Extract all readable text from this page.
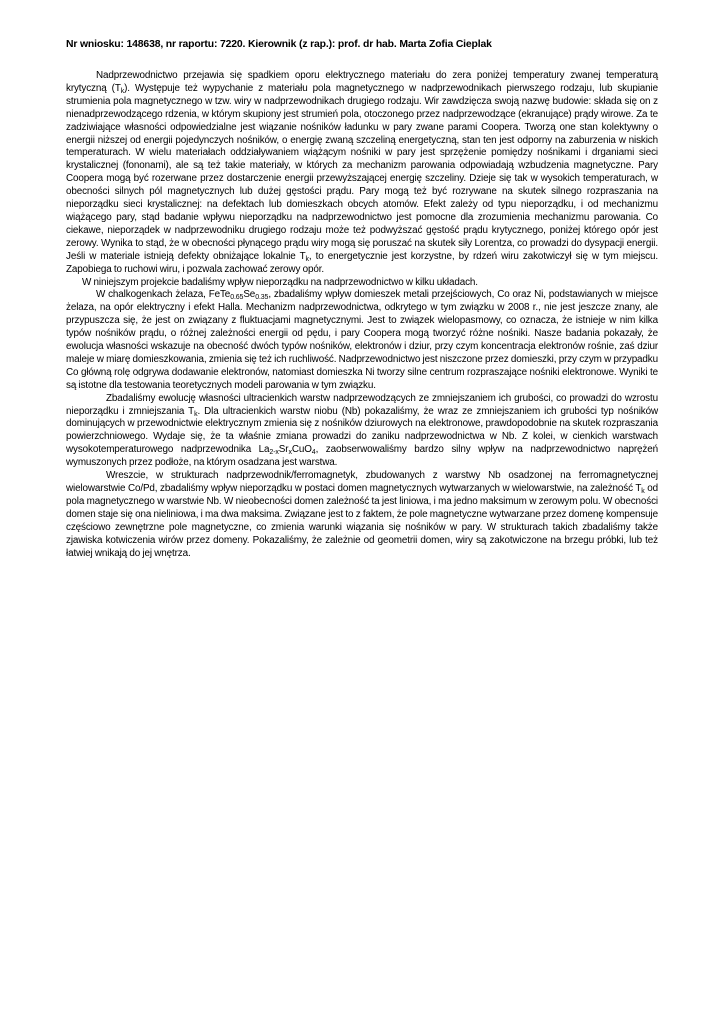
Nr wniosku: 148638, nr raportu: 7220. Kierownik (z rap.): prof. dr hab. Marta Zofia Cieplak

Nadprzewodnictwo przejawia się spadkiem oporu elektrycznego materiału do zera poniżej temperatury zwanej temperaturą krytyczną $(T_k)$. Występuje też wypychanie z materiału pola magnetycznego w nadprzewodnikach pierwszego rodzaju, lub skupianie strumienia pola magnetycznego w tzw. wiry w nadprzewodnikach drugiego rodzaju. Wir zawdzięcza swoją nazwę budowie: składa się on z nienadprzewodzącego rdzenia, w którym skupiony jest strumień pola, otoczonego przez nadprzewodzące (ekranujące) prądy wirowe. Za te zadziwiające własności odpowiedzialne jest wiązanie nośników ładunku w pary zwane parami Coopera. Tworzą one stan kolektywny o energii niższej od energii pojedynczych nośników, o energię zwaną szczeliną energetyczną, stan ten jest odporny na zaburzenia w niskich temperaturach. W wielu materiałach oddziaływaniem wiążącym nośniki w pary jest sprzężenie pomiędzy nośnikami i drganiami sieci krystalicznej (fononami), ale są też takie materiały, w których za mechanizm parowania odpowiadają wzbudzenia magnetyczne. Pary Coopera mogą być rozerwane przez dostarczenie energii przewyższającej energię szczeliny. Dzieje się tak w wysokich temperaturach, w obecności silnych pól magnetycznych lub dużej gęstości prądu. Pary mogą też być rozrywane na skutek silnego rozpraszania na nieporządku sieci krystalicznej: na defektach lub domieszkach obcych atomów. Efekt zależy od typu nieporządku, i od mechanizmu wiążącego pary, stąd badanie wpływu nieporządku na nadprzewodnictwo jest pomocne dla zrozumienia mechanizmu parowania. Co ciekawe, nieporządek w nadprzewodniku drugiego rodzaju może też podwyższać gęstość prądu krytycznego, poniżej którego opór jest zerowy. Wynika to stąd, że w obecności płynącego prądu wiry mogą się poruszać na skutek siły Lorentza, co prowadzi do dysypacji energii. Jeśli w materiale istnieją defekty obniżające lokalnie $T_k$, to energetycznie jest korzystne, by rdzeń wiru zakotwiczył się w tym miejscu. Zapobiega to ruchowi wiru, i pozwala zachować zerowy opór.

W niniejszym projekcie badaliśmy wpływ nieporządku na nadprzewodnictwo w kilku układach.

W chalkogenkach żelaza, $FeTe_{0.65}Se_{0.35}$, zbadaliśmy wpływ domieszek metali przejściowych, Co oraz Ni, podstawianych w miejsce żelaza, na opór elektryczny i efekt Halla. Mechanizm nadprzewodnictwa, odkrytego w tym związku w 2008 r., nie jest jeszcze znany, ale przypuszcza się, że jest on związany z fluktuacjami magnetycznymi. Jest to związek wielopasmowy, co oznacza, że istnieje w nim kilka typów nośników prądu, o różnej zależności energii od pędu, i pary Coopera mogą tworzyć różne nośniki. Nasze badania pokazały, że ewolucja własności wskazuje na obecność dwóch typów nośników, elektronów i dziur, przy czym koncentracja elektronów rośnie, zaś dziur maleje w miarę domieszkowania, zmienia się też ich ruchliwość. Nadprzewodnictwo jest niszczone przez domieszki, przy czym w przypadku Co główną rolę odgrywa dodawanie elektronów, natomiast domieszka Ni tworzy silne centrum rozpraszające nośniki elektronowe. Wyniki te są istotne dla testowania teoretycznych modeli parowania w tym związku.

Zbadaliśmy ewolucję własności ultracienkich warstw nadprzewodzących ze zmniejszaniem ich grubości, co prowadzi do wzrostu nieporządku i zmniejszania $T_k$. Dla ultracienkich warstw niobu (Nb) pokazaliśmy, że wraz ze zmniejszaniem ich grubości typ nośników dominujących w przewodnictwie elektrycznym zmienia się z nośników dziurowych na elektronowe, prawdopodobnie na skutek rozpraszania powierzchniowego. Wydaje się, że ta właśnie zmiana prowadzi do zaniku nadprzewodnictwa w Nb. Z kolei, w cienkich warstwach wysokotemperaturowego nadprzewodnika $La_{2-x}Sr_xCuO_4$, zaobserwowaliśmy bardzo silny wpływ na nadprzewodnictwo naprężeń wymuszonych przez podłoże, na którym osadzana jest warstwa.

Wreszcie, w strukturach nadprzewodnik/ferromagnetyk, zbudowanych z warstwy Nb osadzonej na ferromagnetycznej wielowarstwie Co/Pd, zbadaliśmy wpływ nieporządku w postaci domen magnetycznych wytwarzanych w wielowarstwie, na zależność $T_k$ od pola magnetycznego w warstwie Nb. W nieobecności domen zależność ta jest liniowa, i ma jedno maksimum w zerowym polu. W obecności domen staje się ona nieliniowa, i ma dwa maksima. Związane jest to z faktem, że pole magnetyczne wytwarzane przez domenę kompensuje częściowo zewnętrzne pole magnetyczne, co zmienia warunki wiązania się nośników w pary. W strukturach takich zbadaliśmy także zjawiska kotwiczenia wirów przez domeny. Pokazaliśmy, że zależnie od geometrii domen, wiry są zakotwiczone na brzegu próbki, lub też łatwiej wnikają do jej wnętrza.
